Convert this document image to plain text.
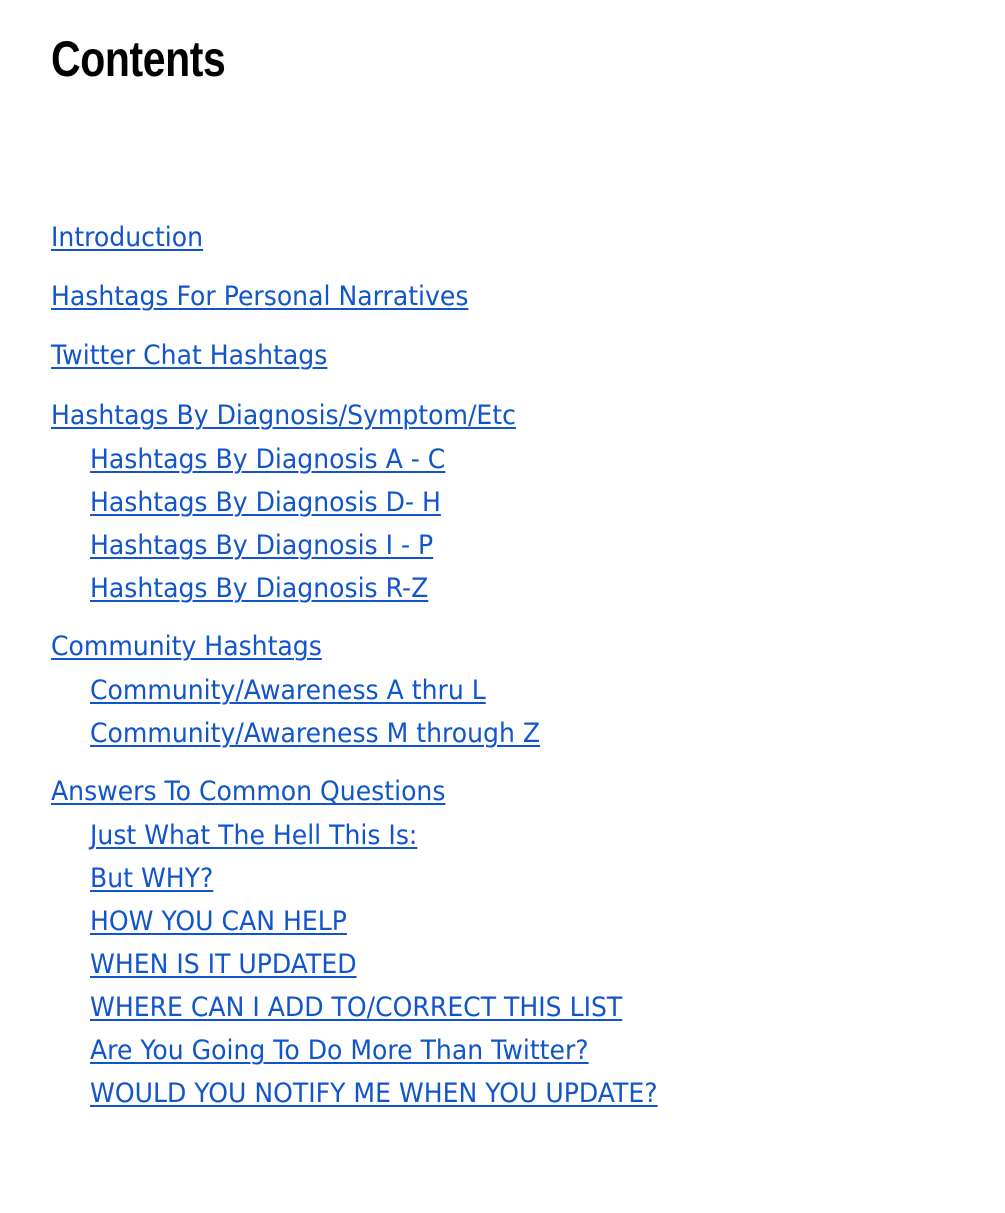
Contents
Introduction
Hashtags For Personal Narratives
Twitter Chat Hashtags
Hashtags By Diagnosis/Symptom/Etc
Hashtags By Diagnosis A - C
Hashtags By Diagnosis D- H
Hashtags By Diagnosis I - P
Hashtags By Diagnosis R-Z
Community Hashtags
Community/Awareness A thru L
Community/Awareness M through Z
Answers To Common Questions
Just What The Hell This Is:
But WHY?
HOW YOU CAN HELP
WHEN IS IT UPDATED
WHERE CAN I ADD TO/CORRECT THIS LIST
Are You Going To Do More Than Twitter?
WOULD YOU NOTIFY ME WHEN YOU UPDATE?
